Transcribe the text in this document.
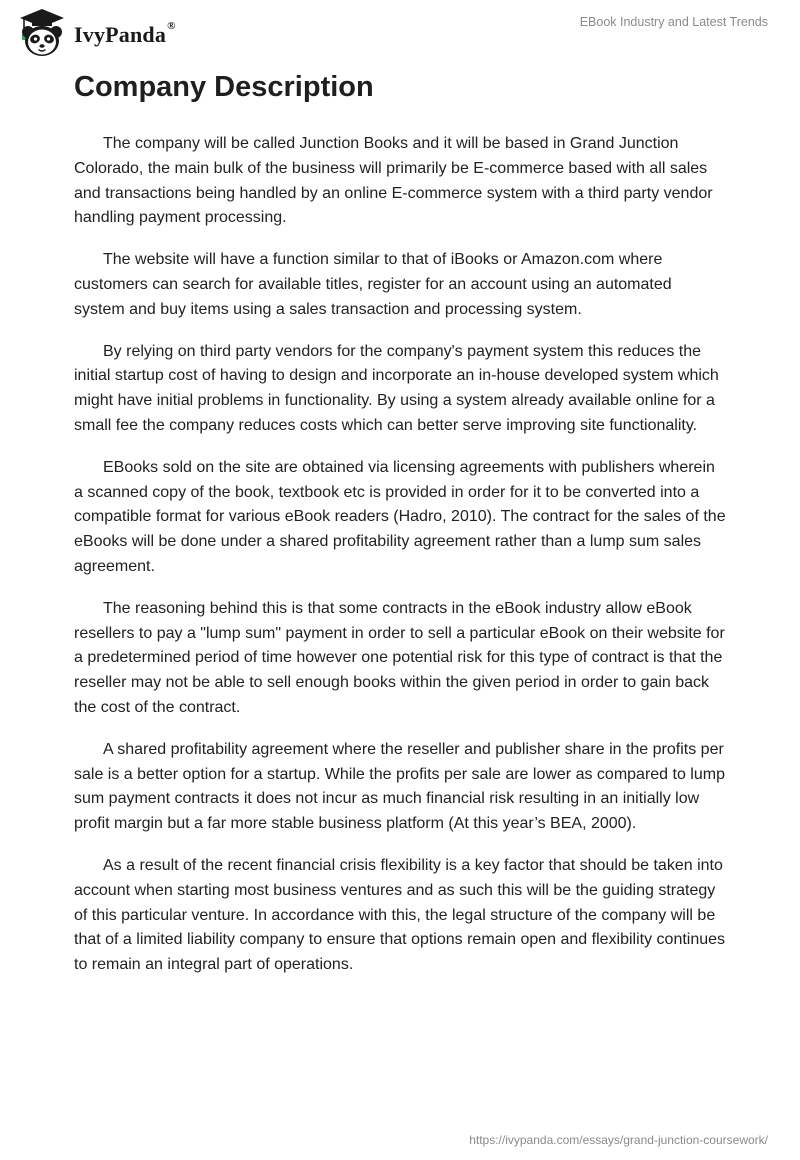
IvyPanda®	EBook Industry and Latest Trends
Company Description

The company will be called Junction Books and it will be based in Grand Junction Colorado, the main bulk of the business will primarily be E-commerce based with all sales and transactions being handled by an online E-commerce system with a third party vendor handling payment processing.

The website will have a function similar to that of iBooks or Amazon.com where customers can search for available titles, register for an account using an automated system and buy items using a sales transaction and processing system.

By relying on third party vendors for the company's payment system this reduces the initial startup cost of having to design and incorporate an in-house developed system which might have initial problems in functionality. By using a system already available online for a small fee the company reduces costs which can better serve improving site functionality.

EBooks sold on the site are obtained via licensing agreements with publishers wherein a scanned copy of the book, textbook etc is provided in order for it to be converted into a compatible format for various eBook readers (Hadro, 2010). The contract for the sales of the eBooks will be done under a shared profitability agreement rather than a lump sum sales agreement.

The reasoning behind this is that some contracts in the eBook industry allow eBook resellers to pay a "lump sum" payment in order to sell a particular eBook on their website for a predetermined period of time however one potential risk for this type of contract is that the reseller may not be able to sell enough books within the given period in order to gain back the cost of the contract.

A shared profitability agreement where the reseller and publisher share in the profits per sale is a better option for a startup. While the profits per sale are lower as compared to lump sum payment contracts it does not incur as much financial risk resulting in an initially low profit margin but a far more stable business platform (At this year’s BEA, 2000).

As a result of the recent financial crisis flexibility is a key factor that should be taken into account when starting most business ventures and as such this will be the guiding strategy of this particular venture. In accordance with this, the legal structure of the company will be that of a limited liability company to ensure that options remain open and flexibility continues to remain an integral part of operations.

https://ivypanda.com/essays/grand-junction-coursework/
